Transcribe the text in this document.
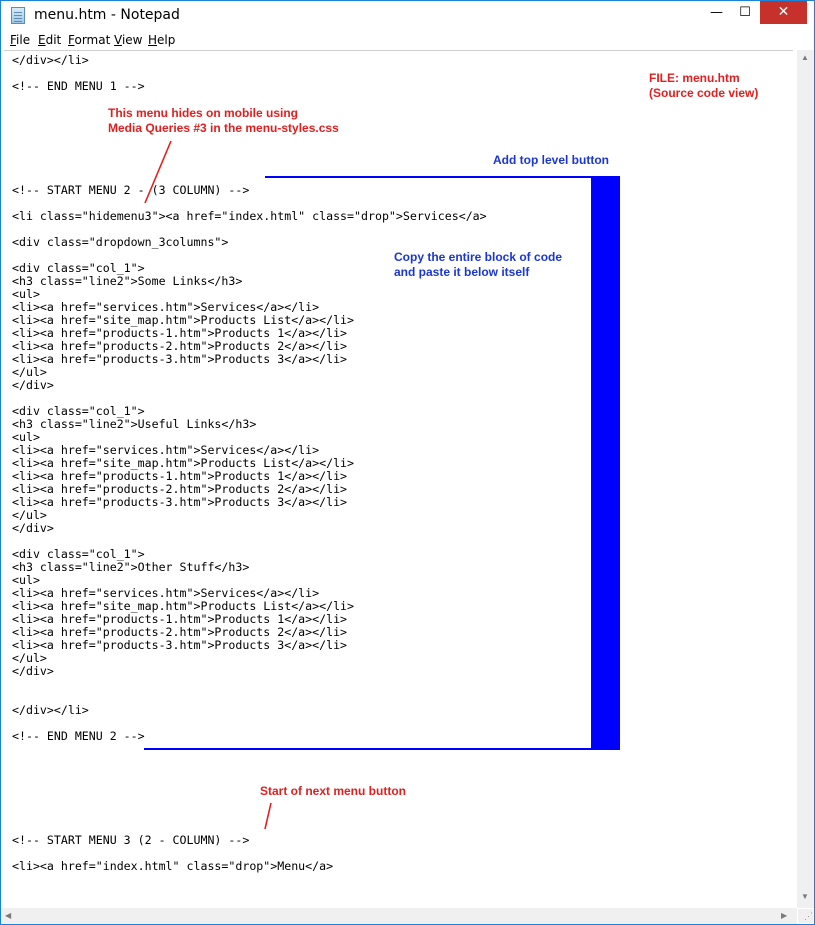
menu.htm - Notepad	—	☐	✕
File Edit Format View Help
</div></li>

<!-- END MENU 1 -->
<!-- START MENU 2 - (3 COLUMN) -->

<li class="hidemenu3"><a href="index.html" class="drop">Services</a>

<div class="dropdown_3columns">

<div class="col_1">
<h3 class="line2">Some Links</h3>
<ul>
<li><a href="services.htm">Services</a></li>
<li><a href="site_map.htm">Products List</a></li>
<li><a href="products-1.htm">Products 1</a></li>
<li><a href="products-2.htm">Products 2</a></li>
<li><a href="products-3.htm">Products 3</a></li>
</ul>
</div>

<div class="col_1">
<h3 class="line2">Useful Links</h3>
<ul>
<li><a href="services.htm">Services</a></li>
<li><a href="site_map.htm">Products List</a></li>
<li><a href="products-1.htm">Products 1</a></li>
<li><a href="products-2.htm">Products 2</a></li>
<li><a href="products-3.htm">Products 3</a></li>
</ul>
</div>

<div class="col_1">
<h3 class="line2">Other Stuff</h3>
<ul>
<li><a href="services.htm">Services</a></li>
<li><a href="site_map.htm">Products List</a></li>
<li><a href="products-1.htm">Products 1</a></li>
<li><a href="products-2.htm">Products 2</a></li>
<li><a href="products-3.htm">Products 3</a></li>
</ul>
</div>
</div></li>

<!-- END MENU 2 -->
<!-- START MENU 3 (2 - COLUMN) -->

<li><a href="index.html" class="drop">Menu</a>
FILE: menu.htm
(Source code view)
This menu hides on mobile using
Media Queries #3 in the menu-styles.css
Add top level button
Copy the entire block of code
and paste it below itself
Start of next menu button
▲
▼
◀	▶	⋰
